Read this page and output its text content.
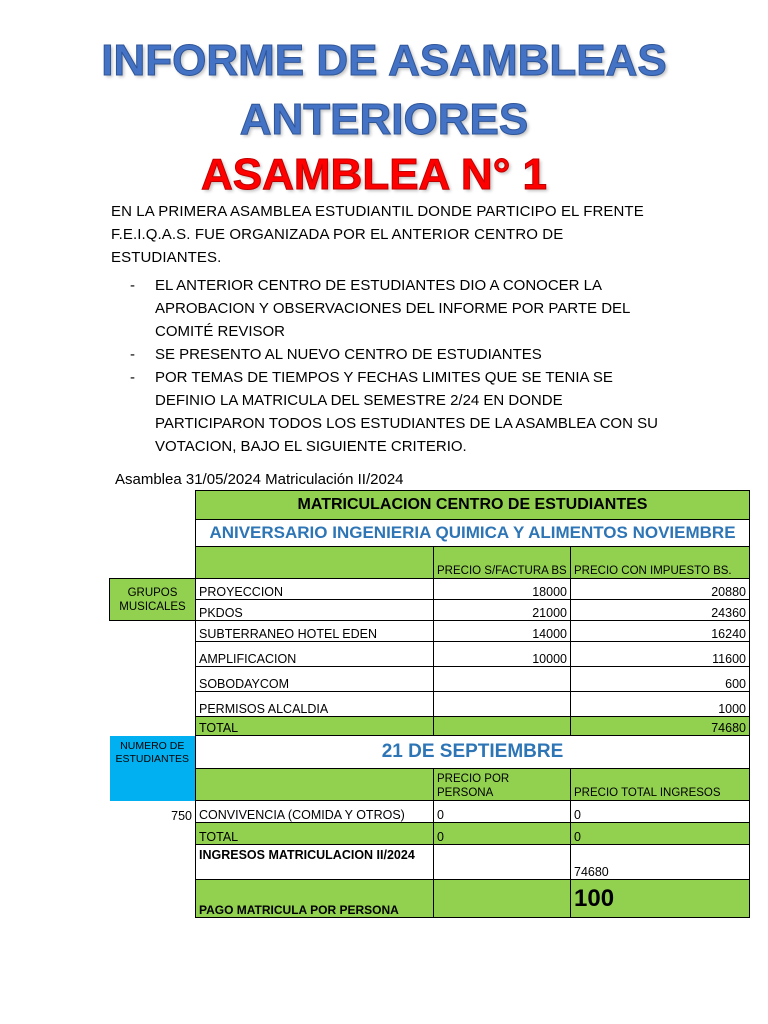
INFORME DE ASAMBLEAS
ANTERIORES
ASAMBLEA N° 1
EN LA PRIMERA ASAMBLEA ESTUDIANTIL DONDE PARTICIPO EL FRENTE F.E.I.Q.A.S. FUE ORGANIZADA POR EL ANTERIOR CENTRO DE ESTUDIANTES.
- EL ANTERIOR CENTRO DE ESTUDIANTES DIO A CONOCER LA APROBACION Y OBSERVACIONES DEL INFORME POR PARTE DEL COMITÉ REVISOR
- SE PRESENTO AL NUEVO CENTRO DE ESTUDIANTES
- POR TEMAS DE TIEMPOS Y FECHAS LIMITES QUE SE TENIA SE DEFINIO LA MATRICULA DEL SEMESTRE 2/24 EN DONDE PARTICIPARON TODOS LOS ESTUDIANTES DE LA ASAMBLEA CON SU VOTACION, BAJO EL SIGUIENTE CRITERIO.
Asamblea 31/05/2024 Matriculación II/2024
	MATRICULACION CENTRO DE ESTUDIANTES		
	ANIVERSARIO INGENIERIA QUIMICA Y ALIMENTOS NOVIEMBRE		
		PRECIO S/FACTURA BS	PRECIO CON IMPUESTO BS.
GRUPOS MUSICALES	PROYECCION	18000	20880
	PKDOS	21000	24360
	SUBTERRANEO HOTEL EDEN	14000	16240
	AMPLIFICACION	10000	11600
	SOBODAYCOM		600
	PERMISOS ALCALDIA		1000
	TOTAL		74680
NUMERO DE ESTUDIANTES	21 DE SEPTIEMBRE		
		PRECIO POR PERSONA	PRECIO TOTAL INGRESOS
750	CONVIVENCIA (COMIDA Y OTROS)	0	0
	TOTAL	0	0
	INGRESOS MATRICULACION II/2024		74680
	PAGO MATRICULA POR PERSONA		100
